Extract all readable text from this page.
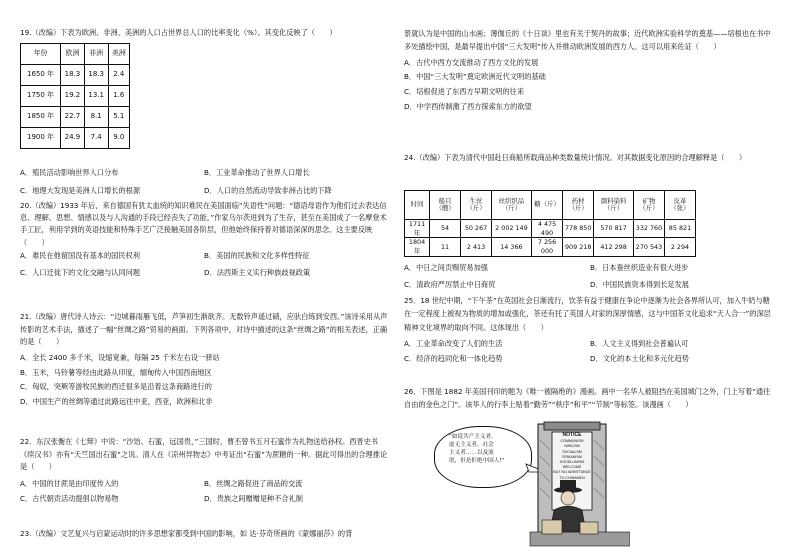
19.（改编）下表为欧洲、非洲、美洲的人口占世界总人口的比率变化（%）。其变化反映了（　　）

年份	欧洲	非洲	美洲
1650 年	18.3	18.3	2.4
1750 年	19.2	13.1	1.6
1850 年	22.7	8.1	5.1
1900 年	24.9	7.4	9.0
A．殖民活动影响世界人口分布	B．工业革命推动了世界人口增长
C．地理大发现是美洲人口增长的根源	D．人口的自然流动导致非洲占比的下降

20.（改编）1933 年后，来自德国有犹太血统的知识难民在美国面临“失语性”问题：“德语母语作为他们过去表达信息、理解、思想、情感以及与人沟通的手段已经丧失了功能，”作家乌尔茨进到为了生存，甚至在美国成了一名摩登术手工匠，利用学到的英语技能和特殊手艺广泛接触美国各阶层，但他始终保持着对德语深深的思念。这主要反映（　　）

A．难民在他留国没有基本的国民权利	B．美国的民族和文化多样性特征
C．人口迁徙下的文化交融与认同问题	D．法西斯主义实行种族歧视政策

21.（改编）唐代诗人诗云：“边城暮雨雁飞低，芦笋初生渐欲齐。无数铃声遥过碛，应驮白练到安西。”该诗采用从声传影的艺术手法，描述了一幅“丝绸之路”贸易的画面。下列各项中，对诗中描述的这条“丝绸之路”的相关表述，正确的是（　　）

A．全长 2400 多千米，设缩宽兼，每隔 25 千米左右设一驿站
B．玉米，马铃薯等经由此路从印度，缅甸传入中国西南地区
C．匈奴，突厥等游牧民族的西迁很多是沿着这条商路进行的
D．中国生产的丝绸等通过此路远往中亚，西亚，欧洲和北非

22．东汉张衡在《七辩》中说：“沙饴、石蜜，远国贵，”三国时，曹丕曾书五月石蜜作为礼物送给孙权。西晋史书《续汉书》亦有“天竺国出石蜜”之说。清人在《凉州异物志》中考证出“石蜜”为蔗糖的一种。据此可得出的合理推论是（　　）

A．中国的甘蔗是由印度传入的	B．丝绸之路促进了商品的交流
C．古代朝贡活动提倡以物易物	D．贵族之间赠赠是种不合礼制

23.（改编）文艺复兴与启蒙运动时的许多思想家都受到中国的影响，如 达·芬奇所画的《蒙娜丽莎》的背

景就认为是中国的山水画；薄伽丘的《十日谈》里也有关于契丹的故事；近代欧洲实验科学的奠基——培根也在书中多处描绘中国，是最早提出中国“三大发明”传入并推动欧洲发展的西方人。这可以用来佐证（　　）

A．古代中西方交流推动了西方文化的发展
B．中国“三大发明”奠定欧洲近代文明的基础
C．培根促进了东西方早期文明的往来
D．中学西传制激了西方探索东方的欲望

24.（改编）下表为清代中国赴日商船所载商品种类数量统计情况。对其数据变化原因的合理解释是（　　）

时间	船只（艘）	生丝（斤）	丝织织品（斤）	糖（斤）	药材（斤）	颜料染料（斤）	矿物（斤）	皮革（张）
1711 年	54	50 267	2 002 149	4 475 490	778 850	570 817	332 760	85 821
1804 年	11	2 413	14 366	7 256 000	909 218	412 298	270 543	2 294
A．中日之间贡赐贸易加强	B．日本蚕丝织造业有很大进步
C．清政府严厉禁止中日商贸	D．中国民族资本得到长足发展

25．18 世纪中期，“下午茶”在英国社会日渐流行，饮茶有益于健康在争论中逐渐为社会各界所认可，加入牛奶与糖在一定程度上被视为物质的增加或强化，茶还有托了英国人对家的深厚情感，这与中国茶文化追求“天人合一”的深层精神文化境界的取向不同。这体现出（　　）

A．工业革命改变了人们的生活	B．人文主义得到社会普遍认可
C．经济的趋同化和一体化趋势	D．文化的本土化和多元化趋势

26．下图是 1882 年美国刊印的题为《唯一被隔绝的》漫画。画中一名华人被阻挡在美国城门之外，门上写着“通往自由的金色之门”。该华人的行李上贴着“勤劳”“秩序”和平”“节制”等标签。该漫画（　　）

“如说共产主义者，
虚无主义者，社会
主义者……以及流
氓，但是拒绝中国人!”
NOTICE
COMMUNISM
NIHILISM
SOCIALISM
FENIANISM
HOODLUMISM
WELCOME
BUT NO ADMITTANCE
TO CHINAMEN
